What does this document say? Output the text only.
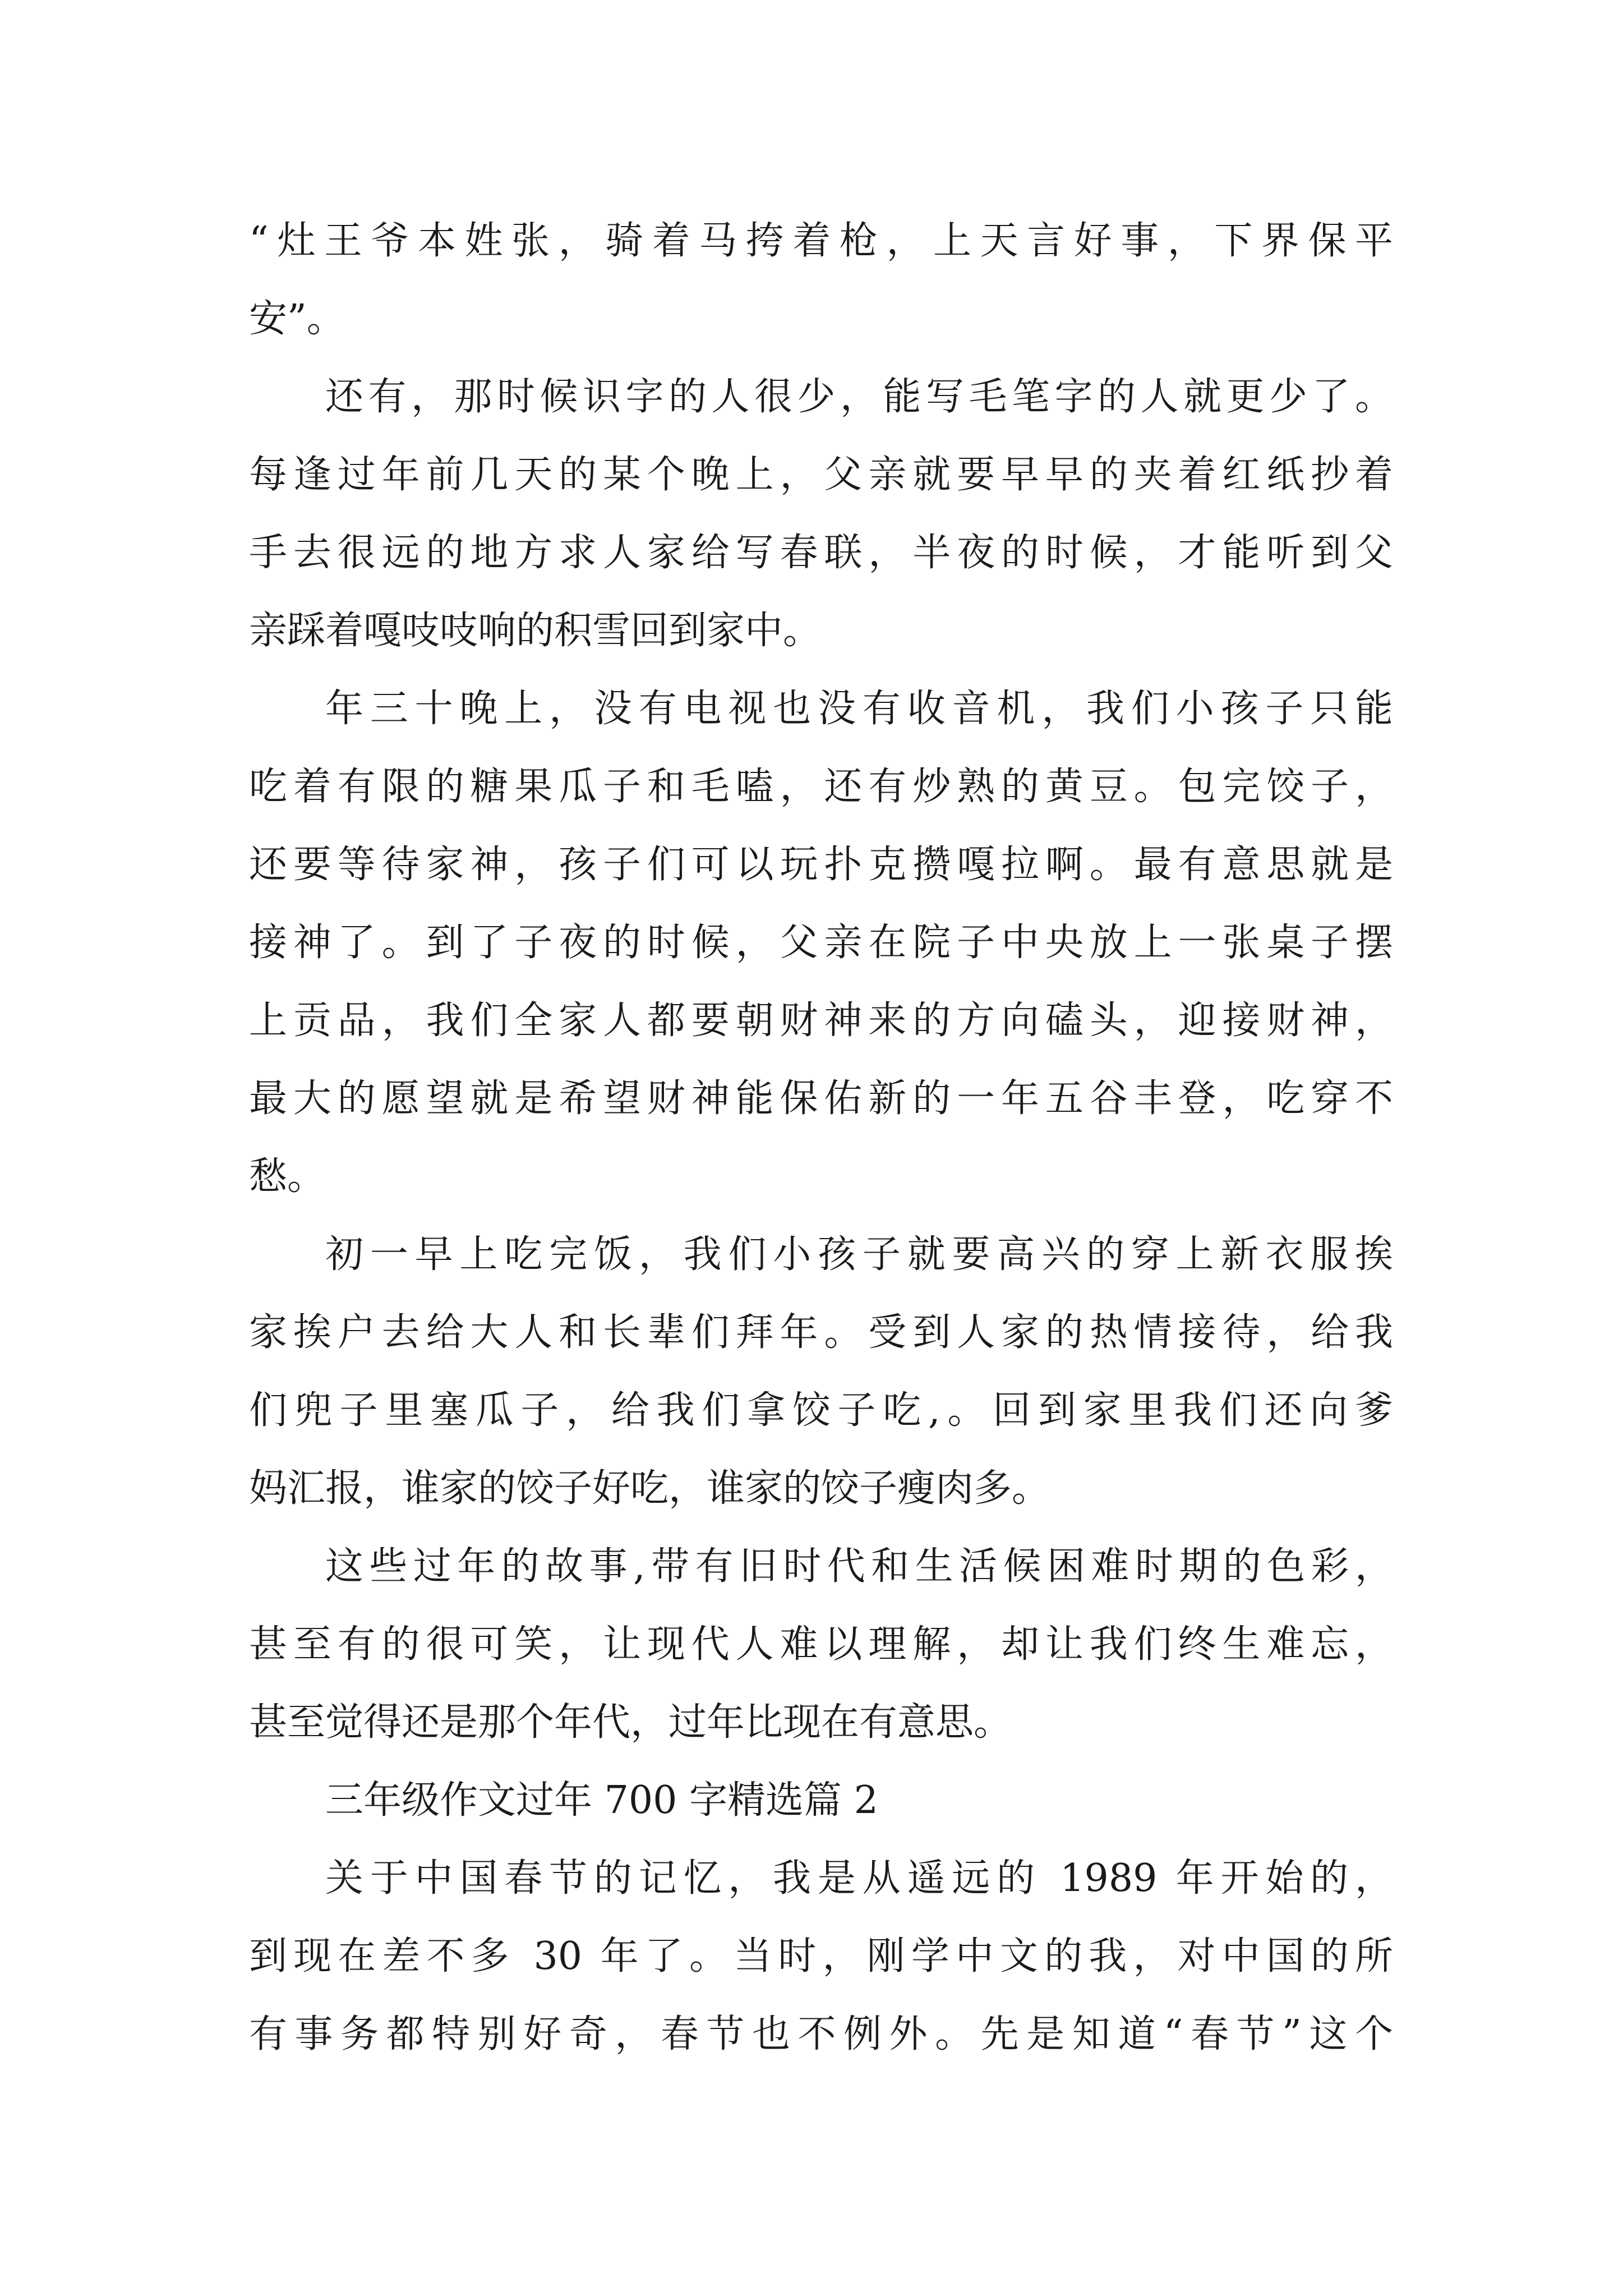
“灶王爷本姓张，骑着马挎着枪，上天言好事，下界保平
安”。
还有，那时候识字的人很少，能写毛笔字的人就更少了。
每逢过年前几天的某个晚上，父亲就要早早的夹着红纸抄着
手去很远的地方求人家给写春联，半夜的时候，才能听到父
亲踩着嘎吱吱响的积雪回到家中。
年三十晚上，没有电视也没有收音机，我们小孩子只能
吃着有限的糖果瓜子和毛嗑，还有炒熟的黄豆。包完饺子，
还要等待家神，孩子们可以玩扑克攒嘎拉啊。最有意思就是
接神了。到了子夜的时候，父亲在院子中央放上一张桌子摆
上贡品，我们全家人都要朝财神来的方向磕头，迎接财神，
最大的愿望就是希望财神能保佑新的一年五谷丰登，吃穿不
愁。
初一早上吃完饭，我们小孩子就要高兴的穿上新衣服挨
家挨户去给大人和长辈们拜年。受到人家的热情接待，给我
们兜子里塞瓜子，给我们拿饺子吃,。回到家里我们还向爹
妈汇报，谁家的饺子好吃，谁家的饺子瘦肉多。
这些过年的故事,带有旧时代和生活候困难时期的色彩，
甚至有的很可笑，让现代人难以理解，却让我们终生难忘，
甚至觉得还是那个年代，过年比现在有意思。
三年级作文过年 700 字精选篇 2
关于中国春节的记忆，我是从遥远的 1989 年开始的，
到现在差不多 30 年了。当时，刚学中文的我，对中国的所
有事务都特别好奇，春节也不例外。先是知道“春节”这个
